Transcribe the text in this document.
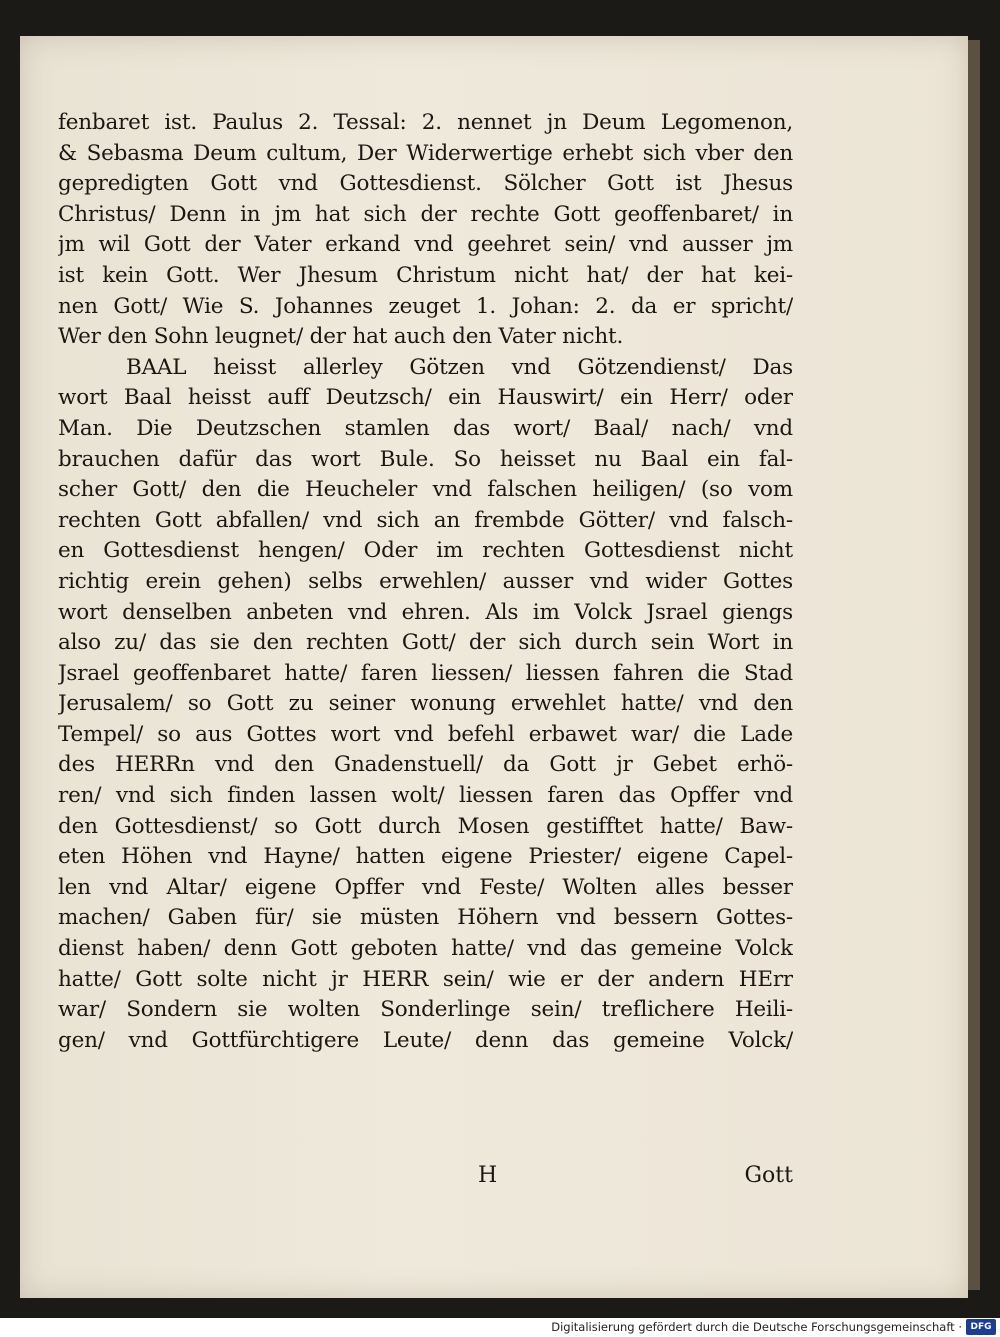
fenbaret ist. Paulus 2. Tessal: 2. nennet jn Deum Legomenon,
& Sebasma Deum cultum, Der Widerwertige erhebt sich vber den
gepredigten Gott vnd Gottesdienst. Sölcher Gott ist Jhesus
Christus/ Denn in jm hat sich der rechte Gott geoffenbaret/ in
jm wil Gott der Vater erkand vnd geehret sein/ vnd ausser jm
ist kein Gott. Wer Jhesum Christum nicht hat/ der hat kei-
nen Gott/ Wie S. Johannes zeuget 1. Johan: 2. da er spricht/
Wer den Sohn leugnet/ der hat auch den Vater nicht.
BAAL heisst allerley Götzen vnd Götzendienst/ Das
wort Baal heisst auff Deutzsch/ ein Hauswirt/ ein Herr/ oder
Man. Die Deutzschen stamlen das wort/ Baal/ nach/ vnd
brauchen dafür das wort Bule. So heisset nu Baal ein fal-
scher Gott/ den die Heucheler vnd falschen heiligen/ (so vom
rechten Gott abfallen/ vnd sich an frembde Götter/ vnd falsch-
en Gottesdienst hengen/ Oder im rechten Gottesdienst nicht
richtig erein gehen) selbs erwehlen/ ausser vnd wider Gottes
wort denselben anbeten vnd ehren. Als im Volck Jsrael giengs
also zu/ das sie den rechten Gott/ der sich durch sein Wort in
Jsrael geoffenbaret hatte/ faren liessen/ liessen fahren die Stad
Jerusalem/ so Gott zu seiner wonung erwehlet hatte/ vnd den
Tempel/ so aus Gottes wort vnd befehl erbawet war/ die Lade
des HERRn vnd den Gnadenstuell/ da Gott jr Gebet erhö-
ren/ vnd sich finden lassen wolt/ liessen faren das Opffer vnd
den Gottesdienst/ so Gott durch Mosen gestifftet hatte/ Baw-
eten Höhen vnd Hayne/ hatten eigene Priester/ eigene Capel-
len vnd Altar/ eigene Opffer vnd Feste/ Wolten alles besser
machen/ Gaben für/ sie müsten Höhern vnd bessern Gottes-
dienst haben/ denn Gott geboten hatte/ vnd das gemeine Volck
hatte/ Gott solte nicht jr HERR sein/ wie er der andern HErr
war/ Sondern sie wolten Sonderlinge sein/ treflichere Heili-
gen/ vnd Gottfürchtigere Leute/ denn das gemeine Volck/
H	Gott
Digitalisierung gefördert durch die Deutsche Forschungsgemeinschaft · DFG
